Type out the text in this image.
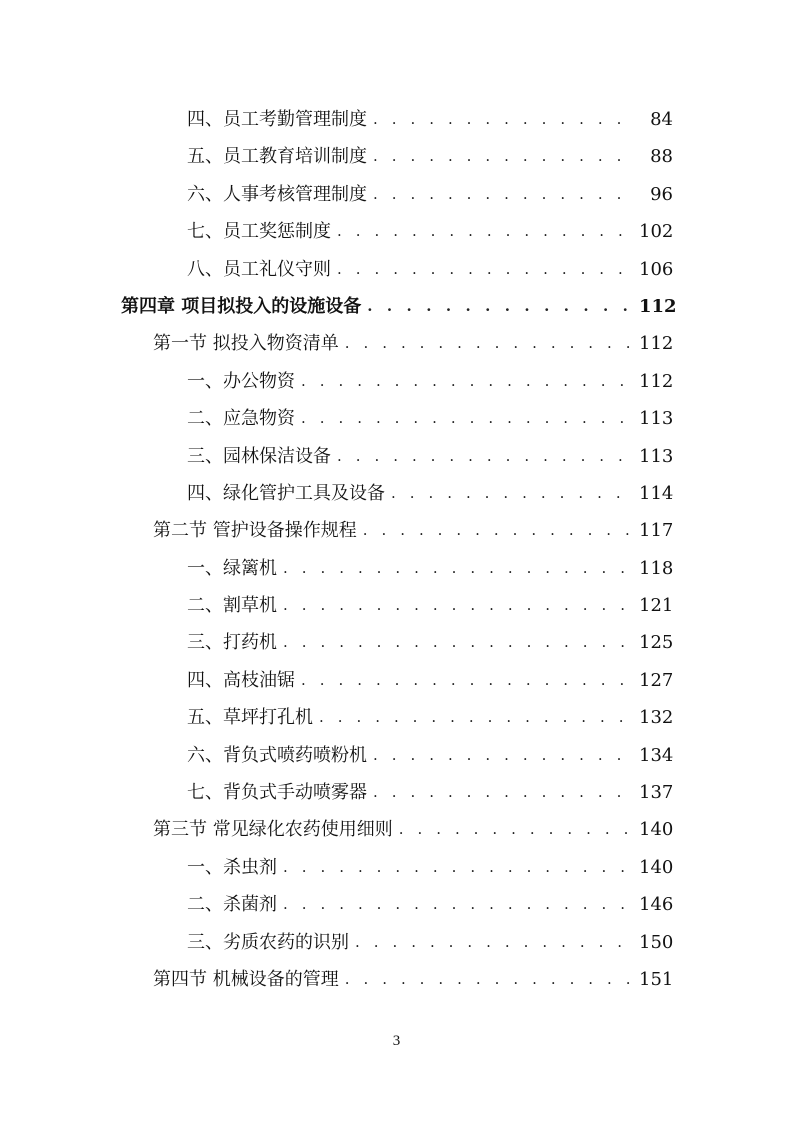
四、员工考勤管理制度 . . .	84
五、员工教育培训制度 . . .	88
六、人事考核管理制度 . . .	96
七、员工奖惩制度 . . .	102
八、员工礼仪守则 . . .	106
第四章 项目拟投入的设施设备 . . .	112
第一节 拟投入物资清单 . . .	112
一、办公物资 . . .	112
二、应急物资 . . .	113
三、园林保洁设备 . . .	113
四、绿化管护工具及设备 . . .	114
第二节 管护设备操作规程 . . .	117
一、绿篱机 . . .	118
二、割草机 . . .	121
三、打药机 . . .	125
四、高枝油锯 . . .	127
五、草坪打孔机 . . .	132
六、背负式喷药喷粉机 . . .	134
七、背负式手动喷雾器 . . .	137
第三节 常见绿化农药使用细则 . . .	140
一、杀虫剂 . . .	140
二、杀菌剂 . . .	146
三、劣质农药的识别 . . .	150
第四节 机械设备的管理 . . .	151
3
